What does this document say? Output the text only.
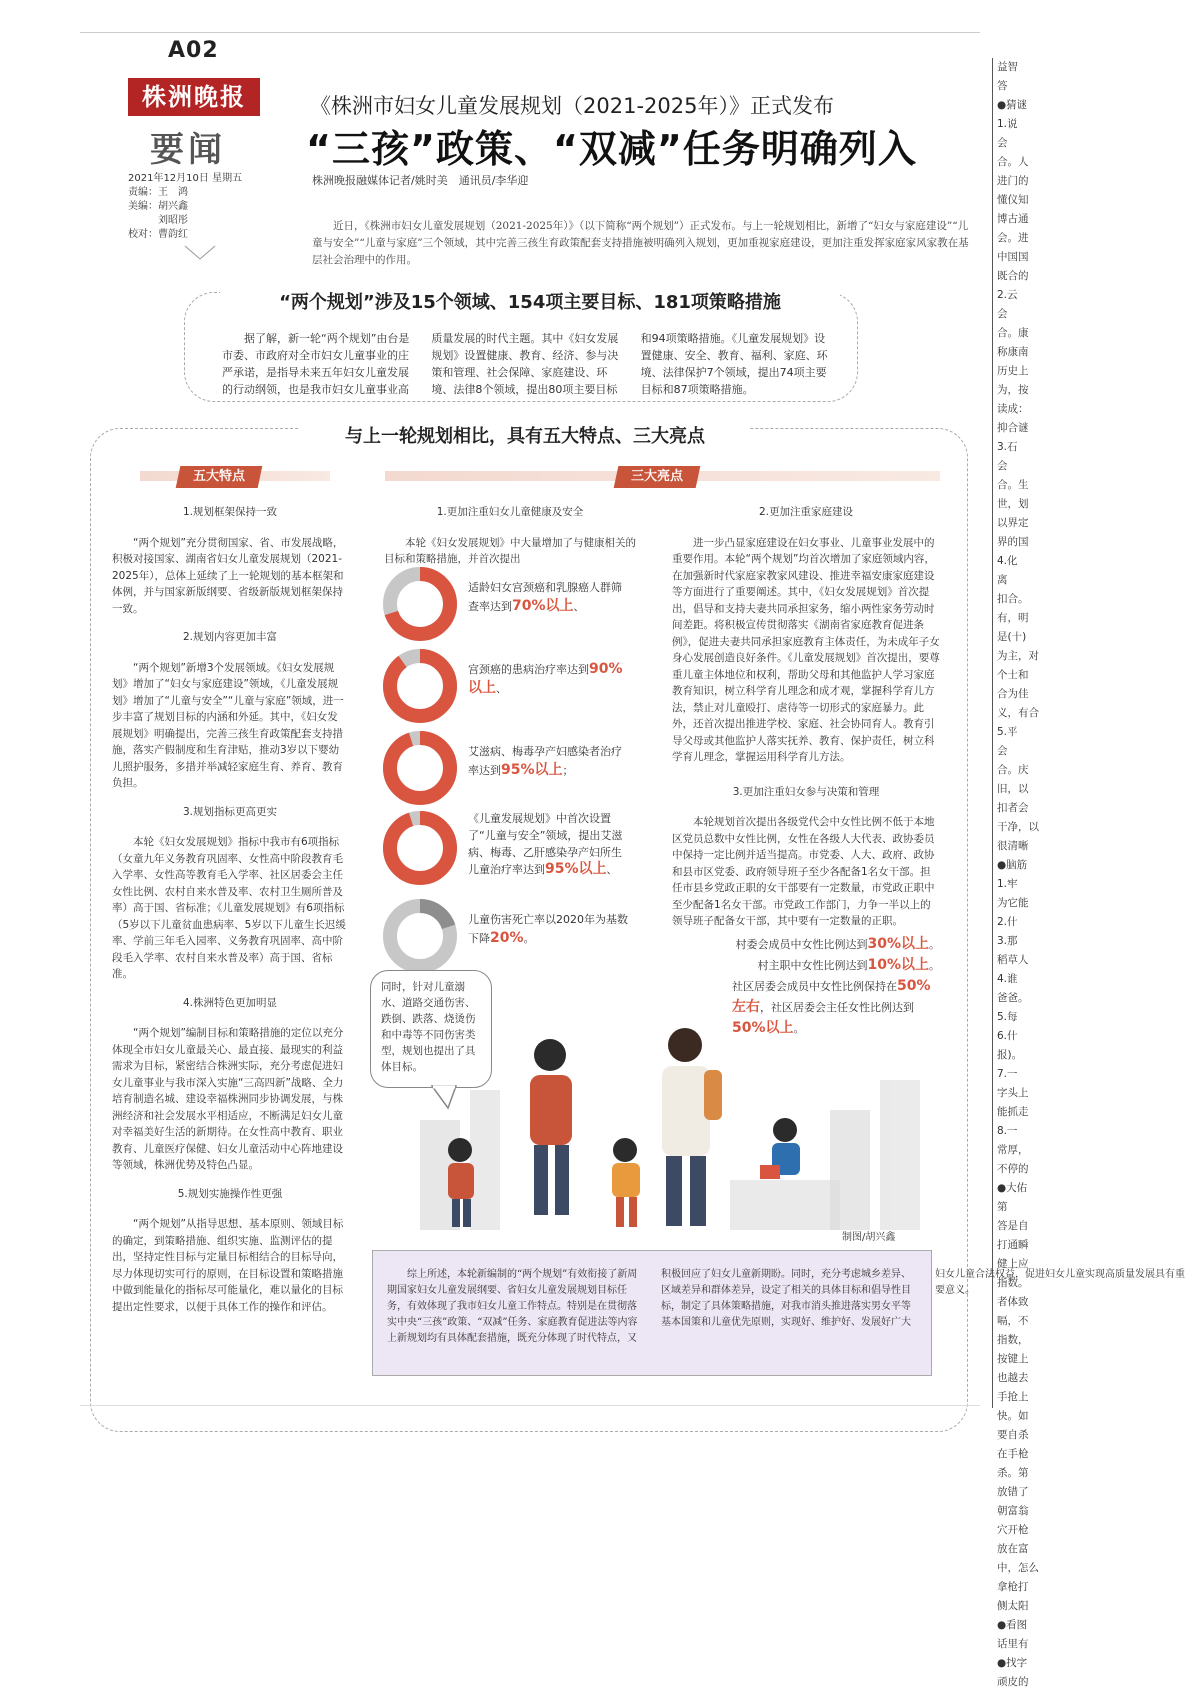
A02
株洲晚报
要闻
2021年12月10日 星期五
责编：王　鸿
美编：胡兴鑫
　　　刘昭彤
校对：曹韵红
《株洲市妇女儿童发展规划（2021-2025年）》正式发布
“三孩”政策、“双减”任务明确列入
株洲晚报融媒体记者/姚时美　通讯员/李华迎
近日，《株洲市妇女儿童发展规划（2021-2025年）》（以下简称“两个规划”）正式发布。与上一轮规划相比，新增了“妇女与家庭建设”“儿童与安全”“儿童与家庭”三个领域，其中完善三孩生育政策配套支持措施被明确列入规划，更加重视家庭建设，更加注重发挥家庭家风家教在基层社会治理中的作用。
“两个规划”涉及15个领域、154项主要目标、181项策略措施
据了解，新一轮“两个规划”由台是市委、市政府对全市妇女儿童事业的庄严承诺，是指导未来五年妇女儿童发展的行动纲领，也是我市妇女儿童事业高质量发展的时代主题。其中《妇女发展规划》设置健康、教育、经济、参与决策和管理、社会保障、家庭建设、环境、法律8个领域，提出80项主要目标和94项策略措施。《儿童发展规划》设置健康、安全、教育、福利、家庭、环境、法律保护7个领域，提出74项主要目标和87项策略措施。
与上一轮规划相比，具有五大特点、三大亮点
五大特点	三大亮点
1.规划框架保持一致

“两个规划”充分贯彻国家、省、市发展战略，积极对接国家、湖南省妇女儿童发展规划（2021-2025年），总体上延续了上一轮规划的基本框架和体例，并与国家新版纲要、省级新版规划框架保持一致。

2.规划内容更加丰富

“两个规划”新增3个发展领域。《妇女发展规划》增加了“妇女与家庭建设”领域，《儿童发展规划》增加了“儿童与安全”“儿童与家庭”领域，进一步丰富了规划目标的内涵和外延。其中，《妇女发展规划》明确提出，完善三孩生育政策配套支持措施，落实产假制度和生育津贴，推动3岁以下婴幼儿照护服务，多措并举减轻家庭生育、养育、教育负担。

3.规划指标更高更实

本轮《妇女发展规划》指标中我市有6项指标（女童九年义务教育巩固率、女性高中阶段教育毛入学率、女性高等教育毛入学率、社区居委会主任女性比例、农村自来水普及率、农村卫生厕所普及率）高于国、省标准；《儿童发展规划》有6项指标（5岁以下儿童贫血患病率、5岁以下儿童生长迟缓率、学前三年毛入园率、义务教育巩固率、高中阶段毛入学率、农村自来水普及率）高于国、省标准。

4.株洲特色更加明显

“两个规划”编制目标和策略措施的定位以充分体现全市妇女儿童最关心、最直接、最现实的利益需求为目标，紧密结合株洲实际，充分考虑促进妇女儿童事业与我市深入实施“三高四新”战略、全力培育制造名城、建设幸福株洲同步协调发展，与株洲经济和社会发展水平相适应，不断满足妇女儿童对幸福美好生活的新期待。在女性高中教育、职业教育、儿童医疗保健、妇女儿童活动中心阵地建设等领域，株洲优势及特色凸显。

5.规划实施操作性更强

“两个规划”从指导思想、基本原则、领域目标的确定，到策略措施、组织实施、监测评估的提出，坚持定性目标与定量目标相结合的目标导向，尽力体现切实可行的原则，在目标设置和策略措施中做到能量化的指标尽可能量化，难以量化的目标提出定性要求，以便于具体工作的操作和评估。

1.更加注重妇女儿童健康及安全

本轮《妇女发展规划》中大量增加了与健康相关的目标和策略措施，并首次提出

适龄妇女宫颈癌和乳腺癌人群筛查率达到70%以上、
宫颈癌的患病治疗率达到90%以上、
艾滋病、梅毒孕产妇感染者治疗率达到95%以上；
《儿童发展规划》中首次设置了“儿童与安全”领域，提出艾滋病、梅毒、乙肝感染孕产妇所生儿童治疗率达到95%以上、
儿童伤害死亡率以2020年为基数下降20%。
2.更加注重家庭建设

进一步凸显家庭建设在妇女事业、儿童事业发展中的重要作用。本轮“两个规划”均首次增加了家庭领域内容，在加强新时代家庭家教家风建设、推进幸福安康家庭建设等方面进行了重要阐述。其中，《妇女发展规划》首次提出，倡导和支持夫妻共同承担家务，缩小两性家务劳动时间差距。将积极宣传贯彻落实《湖南省家庭教育促进条例》，促进夫妻共同承担家庭教育主体责任，为未成年子女身心发展创造良好条件。《儿童发展规划》首次提出，要尊重儿童主体地位和权利，帮助父母和其他监护人学习家庭教育知识，树立科学育儿理念和成才观，掌握科学育儿方法，禁止对儿童殴打、虐待等一切形式的家庭暴力。此外，还首次提出推进学校、家庭、社会协同育人。教育引导父母或其他监护人落实抚养、教育、保护责任，树立科学育儿理念，掌握运用科学育儿方法。

3.更加注重妇女参与决策和管理

本轮规划首次提出各级党代会中女性比例不低于本地区党员总数中女性比例，女性在各级人大代表、政协委员中保持一定比例并适当提高。市党委、人大、政府、政协和县市区党委、政府领导班子至少各配备1名女干部。担任市县乡党政正职的女干部要有一定数量，市党政正职中至少配备1名女干部。市党政工作部门，力争一半以上的领导班子配备女干部，其中要有一定数量的正职。

村委会成员中女性比例达到30%以上。
村主职中女性比例达到10%以上。
社区居委会成员中女性比例保持在50%左右，社区居委会主任女性比例达到50%以上。
同时，针对儿童溺水、道路交通伤害、跌倒、跌落、烧烫伤和中毒等不同伤害类型，规划也提出了具体目标。
制图/胡兴鑫
综上所述，本轮新编制的“两个规划”有效衔接了新周期国家妇女儿童发展纲要、省妇女儿童发展规划目标任务，有效体现了我市妇女儿童工作特点。特别是在贯彻落实中央“三孩”政策、“双减”任务、家庭教育促进法等内容上新规划均有具体配套措施，既充分体现了时代特点，又积极回应了妇女儿童新期盼。同时，充分考虑城乡差异、区域差异和群体差异，设定了相关的具体目标和倡导性目标，制定了具体策略措施，对我市消头推进落实男女平等基本国策和儿童优先原则，实现好、维护好、发展好广大妇女儿童合法权益，促进妇女儿童实现高质量发展具有重要意义。
益智
答
●猜谜
1.说
会
合。人
进门的
懂仪知
博古通
会。进
中国国
既合的
2.云
会
合。康
称康南
历史上
为，按
读成：
抑合谜
3.石
会
合。生
世，划
以界定
界的国
4.化
离
扣合。
有，明
是(十)
为主，对
个士和
合为佳
义，有合
5.平
会
合。庆
旧，以
扣者会
干净，以
很清晰
●脑筋
1.牢
为它能
2.什
3.那
稻草人
4.谁
爸爸。
5.每
6.什
报)。
7.一
字头上
能抓走
8.一
常厚，
不停的
●大佑
第
答是自
打通瞬
健上应
指数。
者体致
嗝，不
指数，
按键上
也越去
手抢上
快。如
要自杀
在手枪
杀。第
放错了
朝富翁
穴开枪
放在富
中，怎么
拿枪打
侧太阳
●看图
话里有
●找字
顽皮的
